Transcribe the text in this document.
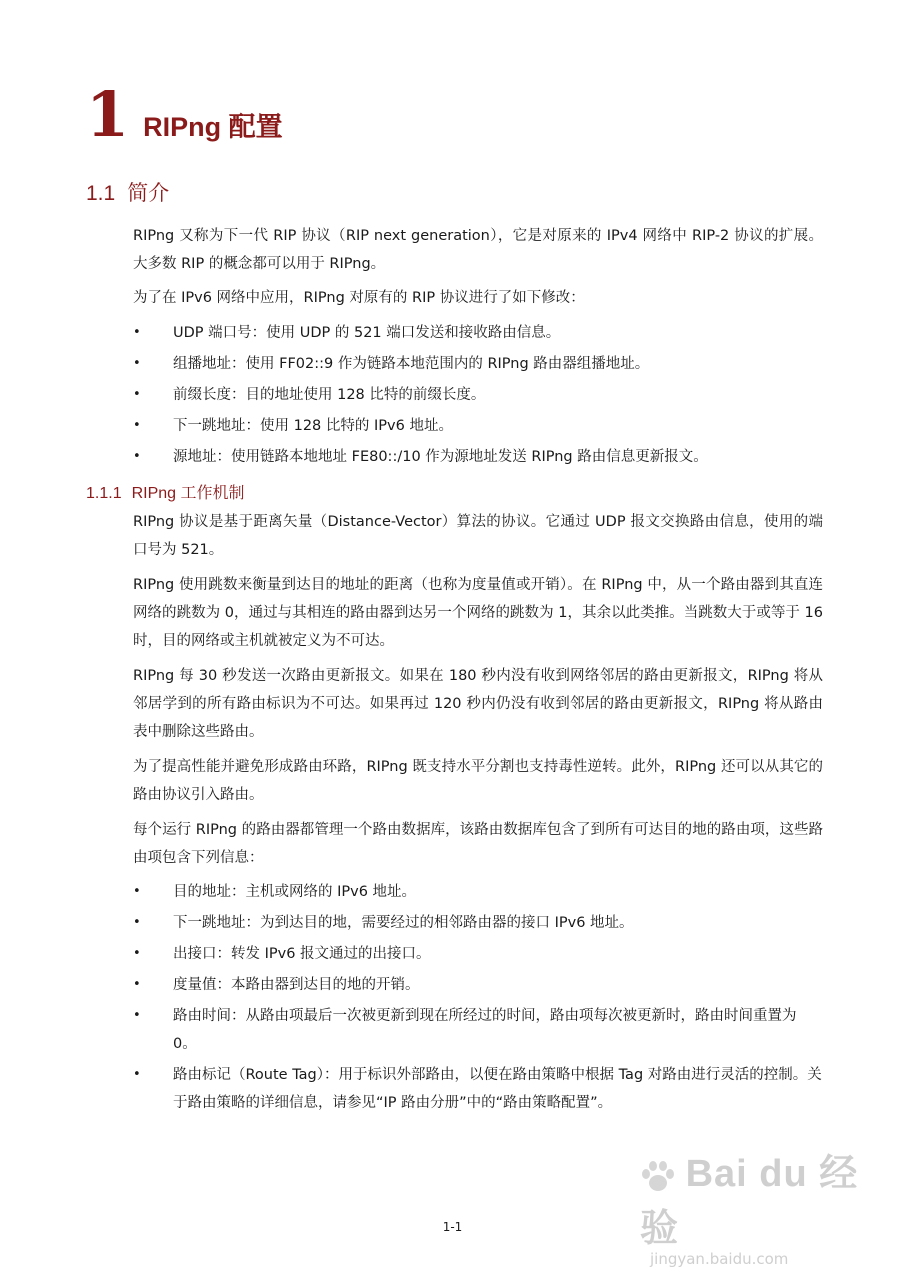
1 RIPng 配置
1.1 简介

RIPng 又称为下一代 RIP 协议（RIP next generation），它是对原来的 IPv4 网络中 RIP-2 协议的扩展。大多数 RIP 的概念都可以用于 RIPng。

为了在 IPv6 网络中应用，RIPng 对原有的 RIP 协议进行了如下修改：

• UDP 端口号：使用 UDP 的 521 端口发送和接收路由信息。
• 组播地址：使用 FF02::9 作为链路本地范围内的 RIPng 路由器组播地址。
• 前缀长度：目的地址使用 128 比特的前缀长度。
• 下一跳地址：使用 128 比特的 IPv6 地址。
• 源地址：使用链路本地地址 FE80::/10 作为源地址发送 RIPng 路由信息更新报文。
1.1.1 RIPng 工作机制

RIPng 协议是基于距离矢量（Distance-Vector）算法的协议。它通过 UDP 报文交换路由信息，使用的端口号为 521。

RIPng 使用跳数来衡量到达目的地址的距离（也称为度量值或开销）。在 RIPng 中，从一个路由器到其直连网络的跳数为 0，通过与其相连的路由器到达另一个网络的跳数为 1，其余以此类推。当跳数大于或等于 16 时，目的网络或主机就被定义为不可达。

RIPng 每 30 秒发送一次路由更新报文。如果在 180 秒内没有收到网络邻居的路由更新报文，RIPng 将从邻居学到的所有路由标识为不可达。如果再过 120 秒内仍没有收到邻居的路由更新报文，RIPng 将从路由表中删除这些路由。

为了提高性能并避免形成路由环路，RIPng 既支持水平分割也支持毒性逆转。此外，RIPng 还可以从其它的路由协议引入路由。

每个运行 RIPng 的路由器都管理一个路由数据库，该路由数据库包含了到所有可达目的地的路由项，这些路由项包含下列信息：

• 目的地址：主机或网络的 IPv6 地址。
• 下一跳地址：为到达目的地，需要经过的相邻路由器的接口 IPv6 地址。
• 出接口：转发 IPv6 报文通过的出接口。
• 度量值：本路由器到达目的地的开销。
• 路由时间：从路由项最后一次被更新到现在所经过的时间，路由项每次被更新时，路由时间重置为 0。
• 路由标记（Route Tag）：用于标识外部路由，以便在路由策略中根据 Tag 对路由进行灵活的控制。关于路由策略的详细信息，请参见“IP 路由分册”中的“路由策略配置”。
Bai du 经验
jingyan.baidu.com
1-1
